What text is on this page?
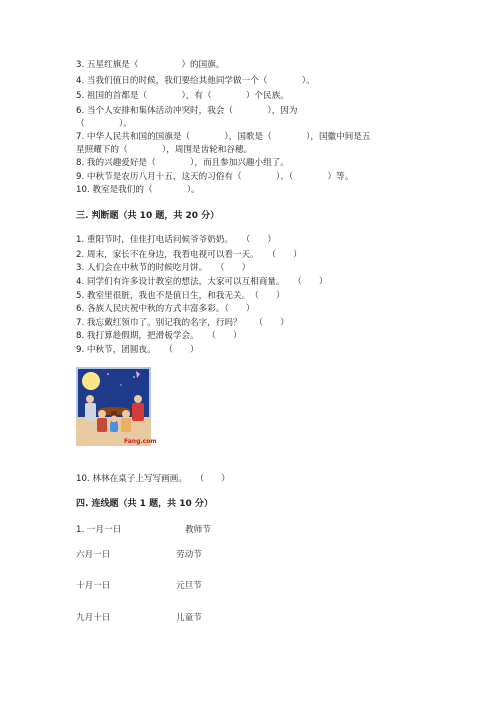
3. 五星红旗是（　　　　　）的国旗。

4. 当我们值日的时候，我们要给其他同学做一个（　　　　）。

5. 祖国的首都是（　　　　），有（　　　　）个民族。

6. 当个人安排和集体活动冲突时，我会（　　　　），因为

（　　　　）。

7. 中华人民共和国的国旗是（　　　　），国歌是（　　　　），国徽中间是五

星照耀下的（　　　　），周围是齿轮和谷穗。

8. 我的兴趣爱好是（　　　　），而且参加兴趣小组了。

9. 中秋节是农历八月十五，这天的习俗有（　　　　）、（　　　　）等。

10. 教室是我们的（　　　　）。

三. 判断题（共 10 题，共 20 分）

1. 重阳节时，佳佳打电话问候爷爷奶奶。　　（　　）

2. 周末，家长不在身边，我看电视可以看一天。　　（　　）

3. 人们会在中秋节的时候吃月饼。　　（　　）

4. 同学们有许多设计教室的想法，大家可以互相商量。　　（　　）

5. 教室里很脏，我也不是值日生，和我无关。　（　　）

6. 各族人民庆祝中秋的方式丰富多彩。（　　）

7. 我忘戴红领巾了。别记我的名字，行吗？　　（　　）

8. 我打算趁假期，把滑板学会。　　（　　）

9. 中秋节，团圆夜。　　（　　）

Fang.com

10. 林林在桌子上写写画画。　　（　　）

四. 连线题（共 1 题，共 10 分）

1. 一月一日	教师节
六月一日	劳动节
十月一日	元旦节
九月十日	儿童节
